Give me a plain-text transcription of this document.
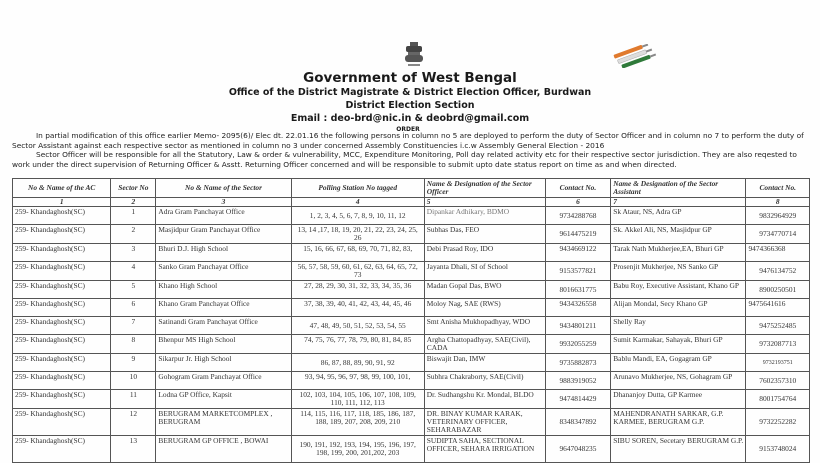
Government of West Bengal
Office of the District Magistrate & District Election Officer, Burdwan
District Election Section
Email : deo-brd@nic.in & deobrd@gmail.com
ORDER

In partial modification of this office earlier Memo- 2095(6)/ Elec dt. 22.01.16 the following persons in column no 5 are deployed to perform the duty of Sector Officer and in column no 7 to perform the duty of Sector Assistant against each respective sector as mentioned in column no 3 under concerned Assembly Constituencies i.c.w Assembly General Election - 2016

Sector Officer will be responsible for all the Statutory, Law & order & vulnerability, MCC, Expenditure Monitoring, Poll day related activity etc for their respective sector jurisdiction. They are also reqested to work under the direct supervision of Returning Officer & Asstt. Returning Officer concerned and will be responsible to submit upto date status report on time as and when directed.

No & Name of the AC	Sector No	No & Name of the Sector	Polling Station No tagged	Name & Designation of the Sector Officer	Contact No.	Name & Designation of the Sector Assistant	Contact No.
1	2	3	4	5	6	7	8
259- Khandaghosh(SC)	1	Adra Gram Panchayat Office	1, 2, 3, 4, 5, 6, 7, 8, 9, 10, 11, 12	Dipankar Adhikary, BDMO	9734288768	Sk Ataur, NS, Adra GP	9832964929
259- Khandaghosh(SC)	2	Masjidpur Gram Panchayat Office	13, 14 ,17, 18, 19, 20, 21, 22, 23, 24, 25, 26	Subhas Das, FEO	9614475219	Sk. Akkel Ali, NS, Masjidpur GP	9734770714
259- Khandaghosh(SC)	3	Bhuri D.J. High School	15, 16, 66, 67, 68, 69, 70, 71, 82, 83,	Debi Prasad Roy, IDO	9434669122	Tarak Nath Mukherjee,EA, Bhuri GP	9474366368
259- Khandaghosh(SC)	4	Sanko Gram Panchayat Office	56, 57, 58, 59, 60, 61, 62, 63, 64, 65, 72, 73	Jayanta Dhali, SI of School	9153577821	Prosenjit Mukherjee, NS Sanko GP	9476134752
259- Khandaghosh(SC)	5	Khano High School	27, 28, 29, 30, 31, 32, 33, 34, 35, 36	Madan Gopal Das, BWO	8016631775	Babu Roy, Executive Assistant, Khano GP	8900250501
259- Khandaghosh(SC)	6	Khano Gram Panchayat Office	37, 38, 39, 40, 41, 42, 43, 44, 45, 46	Moloy Nag, SAE (RWS)	9434326558	Alijan Mondal, Secy Khano GP	9475641616
259- Khandaghosh(SC)	7	Satinandi Gram Panchayat Office	47, 48, 49, 50, 51, 52, 53, 54, 55	Smt Anisha Mukhopadhyay, WDO	9434801211	Shelly Ray	9475252485
259- Khandaghosh(SC)	8	Bhenpur MS High School	74, 75, 76, 77, 78, 79, 80, 81, 84, 85	Argha Chattopadhyay, SAE(Civil), CADA	9932055259	Sumit Karmakar, Sahayak, Bhuri GP	9732087713
259- Khandaghosh(SC)	9	Sikarpur Jr. High School	86, 87, 88, 89, 90, 91, 92	Biswajit Dan, IMW	9735882873	Bablu Mandi, EA, Gogagram GP	9732193751
259- Khandaghosh(SC)	10	Gohogram Gram Panchayat Office	93, 94, 95, 96, 97, 98, 99, 100, 101,	Subhra Chakraborty, SAE(Civil)	9883919052	Arunavo Mukherjee, NS, Gohagram GP	7602357310
259- Khandaghosh(SC)	11	Lodna GP Office, Kapsit	102, 103, 104, 105, 106, 107, 108, 109, 110, 111, 112, 113	Dr. Sudhangshu Kr. Mondal, BLDO	9474814429	Dhananjoy Dutta, GP Karmee	8001754764
259- Khandaghosh(SC)	12	BERUGRAM MARKETCOMPLEX , BERUGRAM	114, 115, 116, 117, 118, 185, 186, 187, 188, 189, 207, 208, 209, 210	DR. BINAY KUMAR KARAK, VETERINARY OFFICER, SEHARABAZAR	8348347892	MAHENDRANATH SARKAR, G.P. KARMEE, BERUGRAM G.P.	9732252282
259- Khandaghosh(SC)	13	BERUGRAM GP OFFICE , BOWAI	190, 191, 192, 193, 194, 195, 196, 197, 198, 199, 200, 201,202, 203	SUDIPTA SAHA, SECTIONAL OFFICER, SEHARA IRRIGATION	9647048235	SIBU SOREN, Secetary BERUGRAM G.P.	9153748024
